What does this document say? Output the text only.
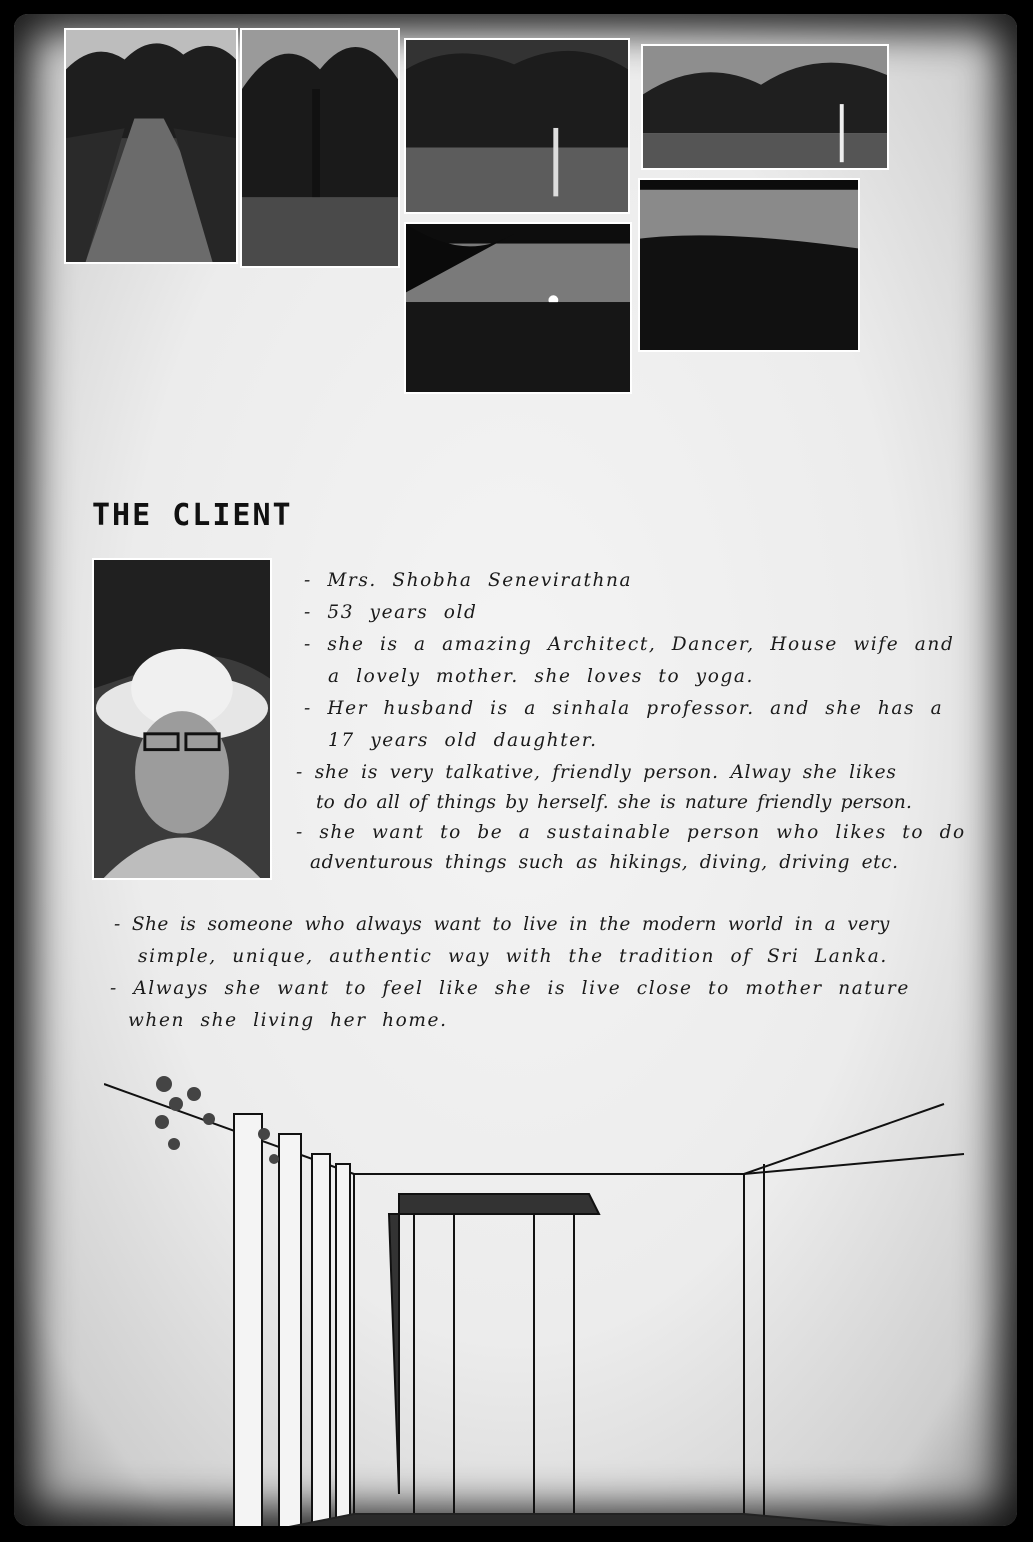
THE CLIENT

- Mrs. Shobha Senevirathna

- 53 years old

- she is a amazing Architect, Dancer, House wife and

a lovely mother. she loves to yoga.

- Her husband is a sinhala professor. and she has a

17 years old daughter.

- she is very talkative, friendly person. Alway she likes

to do all of things by herself. she is nature friendly person.

- she want to be a sustainable person who likes to do

adventurous things such as hikings, diving, driving etc.

- She is someone who always want to live in the modern world in a very

simple, unique, authentic way with the tradition of Sri Lanka.

- Always she want to feel like she is live close to mother nature

when she living her home.
